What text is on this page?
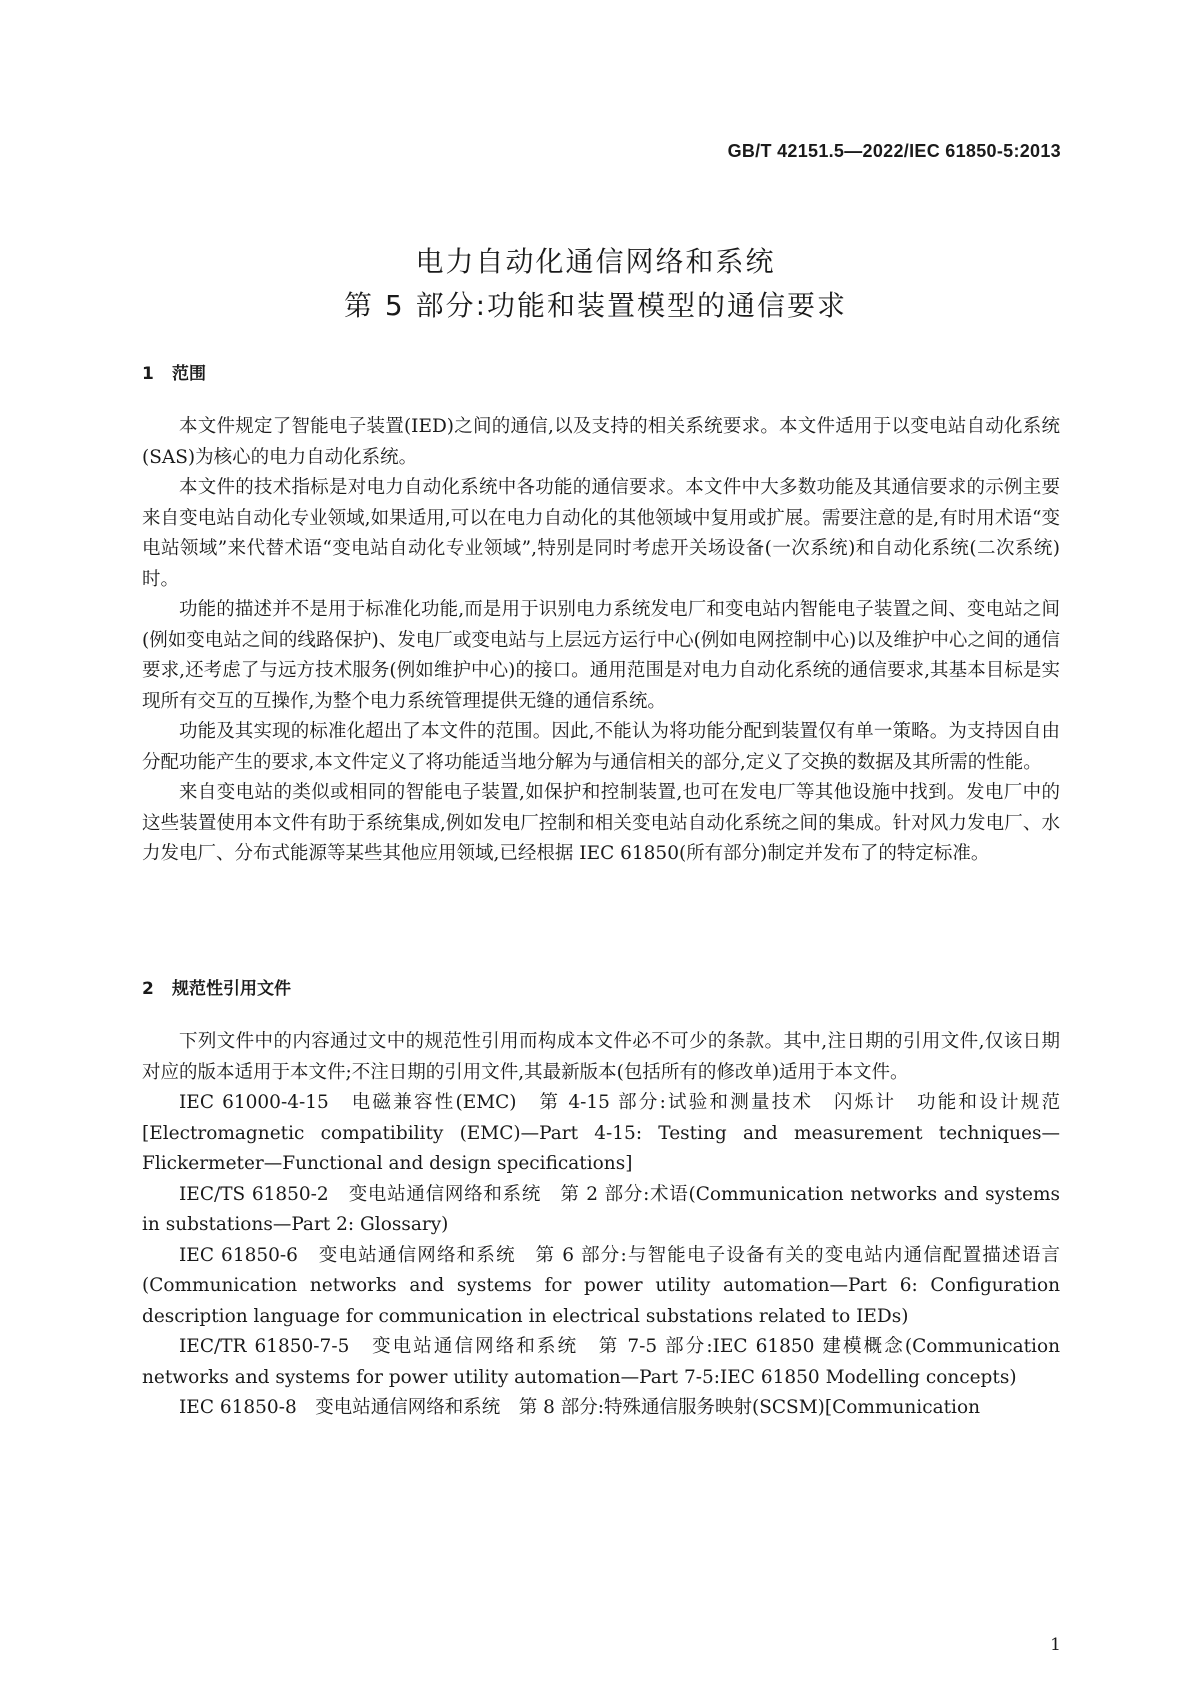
GB/T 42151.5—2022/IEC 61850-5:2013
电力自动化通信网络和系统
第 5 部分:功能和装置模型的通信要求
1 范围

本文件规定了智能电子装置(IED)之间的通信,以及支持的相关系统要求。本文件适用于以变电站自动化系统(SAS)为核心的电力自动化系统。

本文件的技术指标是对电力自动化系统中各功能的通信要求。本文件中大多数功能及其通信要求的示例主要来自变电站自动化专业领域,如果适用,可以在电力自动化的其他领域中复用或扩展。需要注意的是,有时用术语“变电站领域”来代替术语“变电站自动化专业领域”,特别是同时考虑开关场设备(一次系统)和自动化系统(二次系统)时。

功能的描述并不是用于标准化功能,而是用于识别电力系统发电厂和变电站内智能电子装置之间、变电站之间(例如变电站之间的线路保护)、发电厂或变电站与上层远方运行中心(例如电网控制中心)以及维护中心之间的通信要求,还考虑了与远方技术服务(例如维护中心)的接口。通用范围是对电力自动化系统的通信要求,其基本目标是实现所有交互的互操作,为整个电力系统管理提供无缝的通信系统。

功能及其实现的标准化超出了本文件的范围。因此,不能认为将功能分配到装置仅有单一策略。为支持因自由分配功能产生的要求,本文件定义了将功能适当地分解为与通信相关的部分,定义了交换的数据及其所需的性能。

来自变电站的类似或相同的智能电子装置,如保护和控制装置,也可在发电厂等其他设施中找到。发电厂中的这些装置使用本文件有助于系统集成,例如发电厂控制和相关变电站自动化系统之间的集成。针对风力发电厂、水力发电厂、分布式能源等某些其他应用领域,已经根据 IEC 61850(所有部分)制定并发布了的特定标准。

2 规范性引用文件

下列文件中的内容通过文中的规范性引用而构成本文件必不可少的条款。其中,注日期的引用文件,仅该日期对应的版本适用于本文件;不注日期的引用文件,其最新版本(包括所有的修改单)适用于本文件。

IEC 61000-4-15　电磁兼容性(EMC)　第 4-15 部分:试验和测量技术　闪烁计　功能和设计规范[Electromagnetic compatibility (EMC)—Part 4-15: Testing and measurement techniques—Flickermeter—Functional and design specifications]

IEC/TS 61850-2　变电站通信网络和系统　第 2 部分:术语(Communication networks and systems in substations—Part 2: Glossary)

IEC 61850-6　变电站通信网络和系统　第 6 部分:与智能电子设备有关的变电站内通信配置描述语言(Communication networks and systems for power utility automation—Part 6: Configuration description language for communication in electrical substations related to IEDs)

IEC/TR 61850-7-5　变电站通信网络和系统　第 7-5 部分:IEC 61850 建模概念(Communication networks and systems for power utility automation—Part 7-5:IEC 61850 Modelling concepts)

IEC 61850-8　变电站通信网络和系统　第 8 部分:特殊通信服务映射(SCSM)[Communication

1
